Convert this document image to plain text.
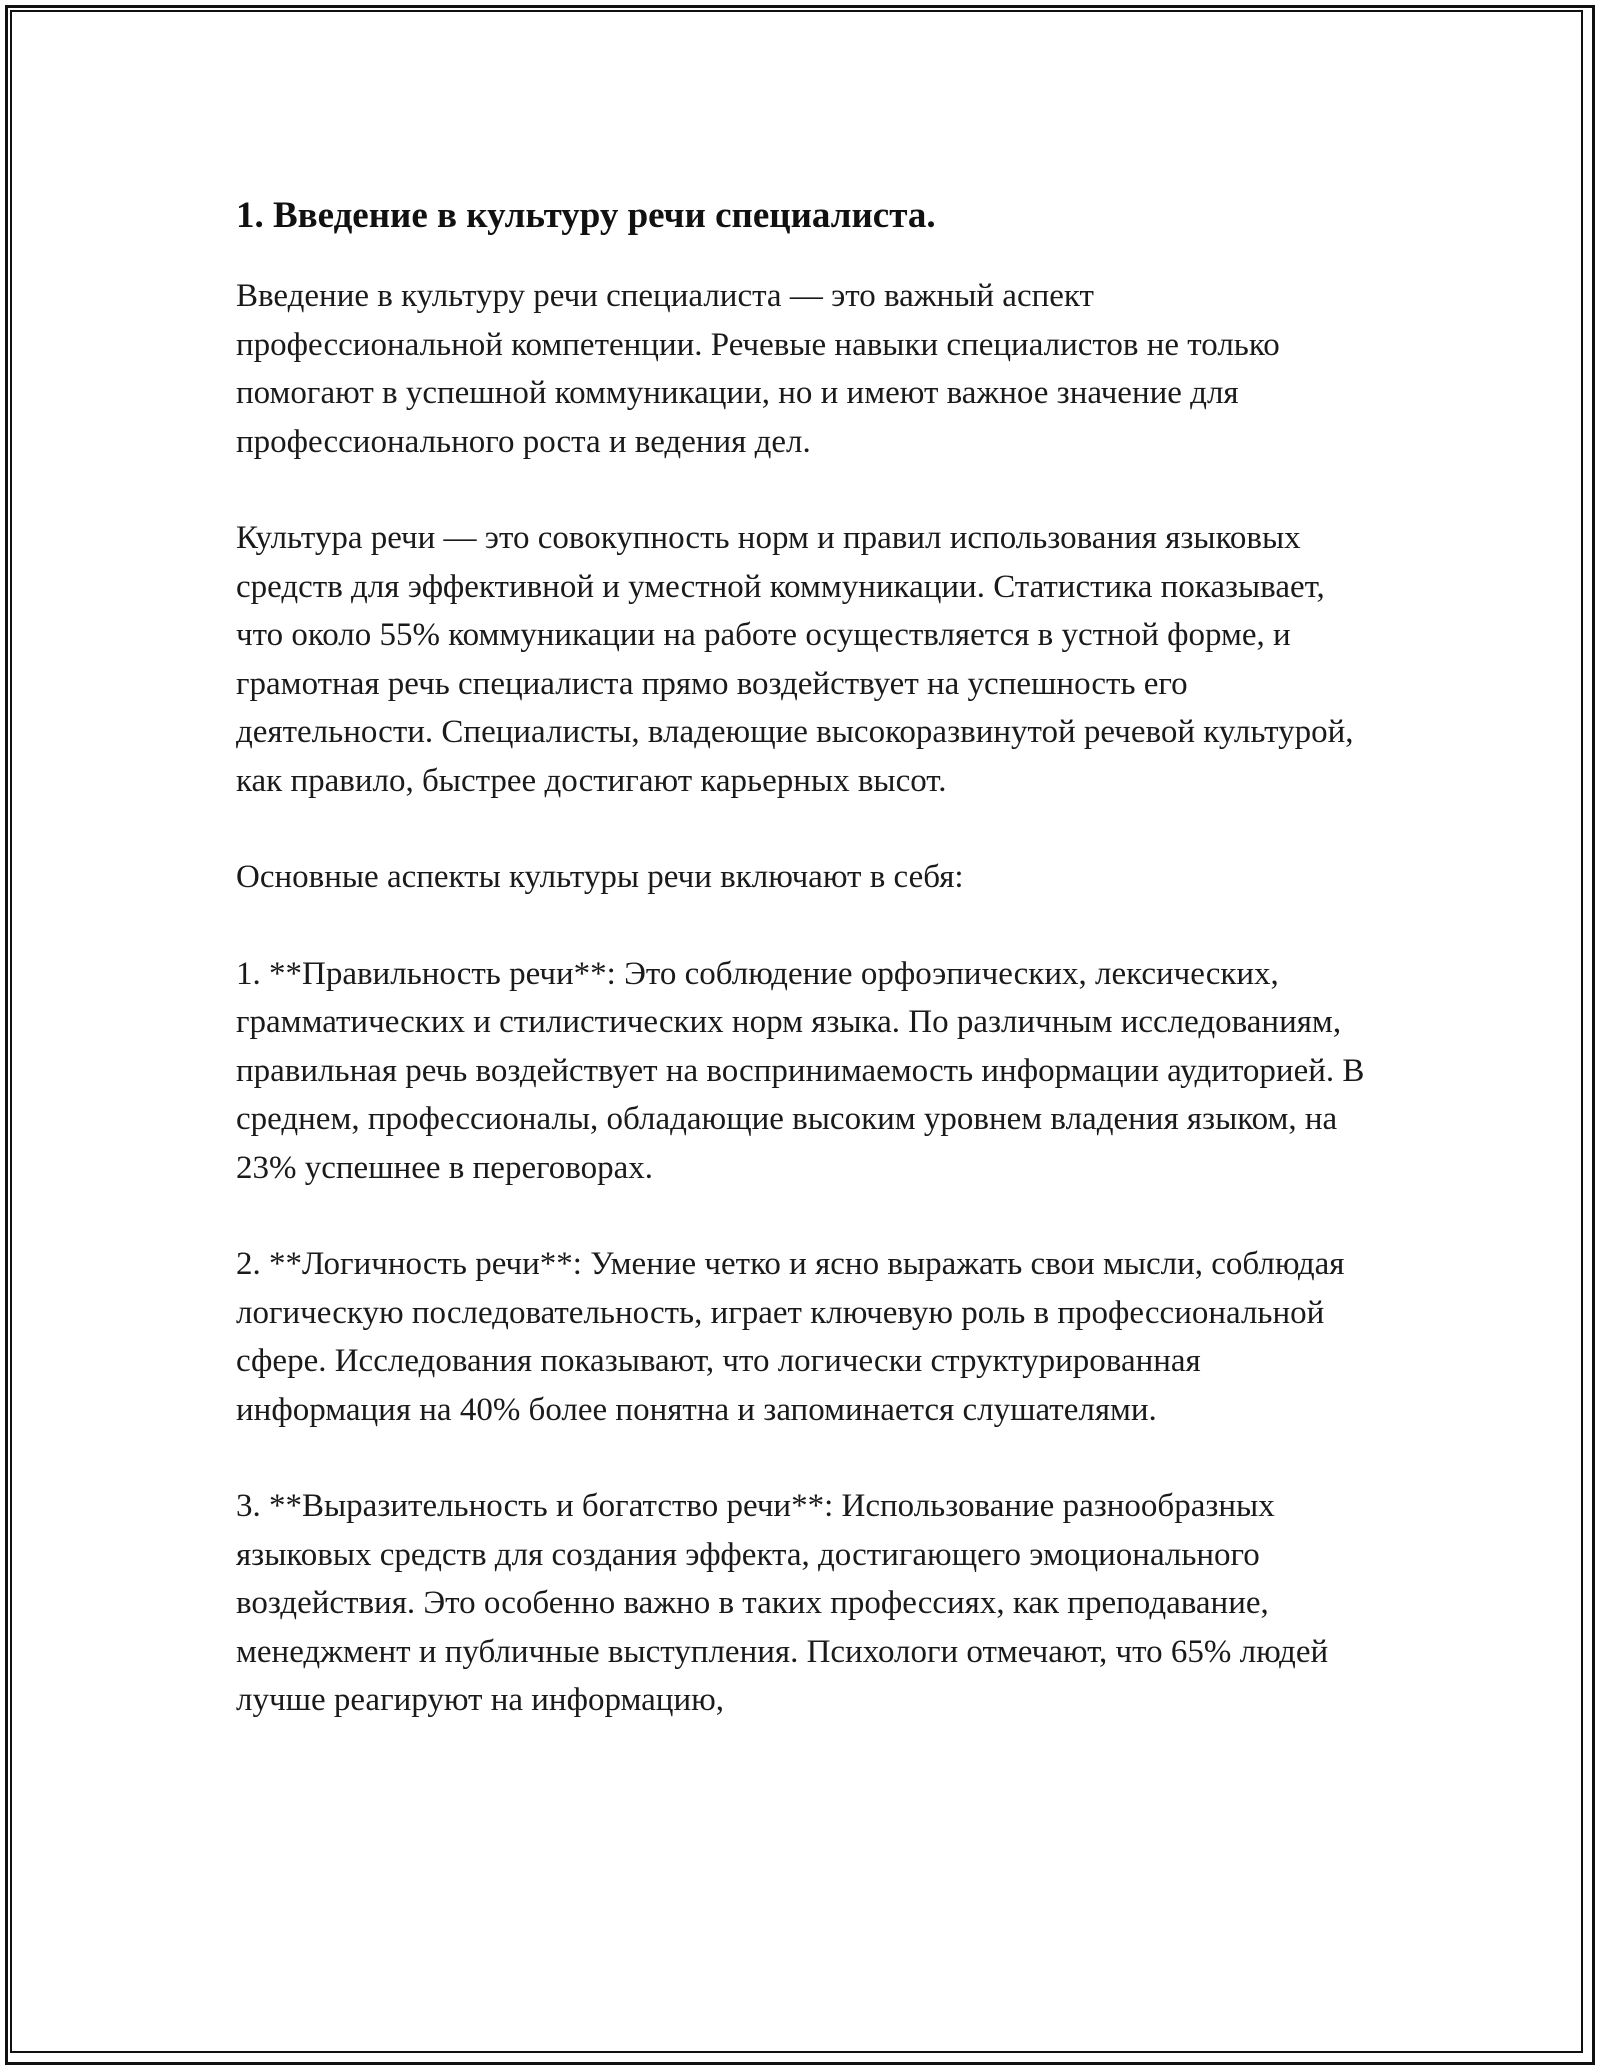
1. Введение в культуру речи специалиста.

Введение в культуру речи специалиста — это важный аспект профессиональной компетенции. Речевые навыки специалистов не только помогают в успешной коммуникации, но и имеют важное значение для профессионального роста и ведения дел.

Культура речи — это совокупность норм и правил использования языковых средств для эффективной и уместной коммуникации. Статистика показывает, что около 55% коммуникации на работе осуществляется в устной форме, и грамотная речь специалиста прямо воздействует на успешность его деятельности. Специалисты, владеющие высокоразвинутой речевой культурой, как правило, быстрее достигают карьерных высот.

Основные аспекты культуры речи включают в себя:

1. **Правильность речи**: Это соблюдение орфоэпических, лексических, грамматических и стилистических норм языка. По различным исследованиям, правильная речь воздействует на воспринимаемость информации аудиторией. В среднем, профессионалы, обладающие высоким уровнем владения языком, на 23% успешнее в переговорах.

2. **Логичность речи**: Умение четко и ясно выражать свои мысли, соблюдая логическую последовательность, играет ключевую роль в профессиональной сфере. Исследования показывают, что логически структурированная информация на 40% более понятна и запоминается слушателями.

3. **Выразительность и богатство речи**: Использование разнообразных языковых средств для создания эффекта, достигающего эмоционального воздействия. Это особенно важно в таких профессиях, как преподавание, менеджмент и публичные выступления. Психологи отмечают, что 65% людей лучше реагируют на информацию,
